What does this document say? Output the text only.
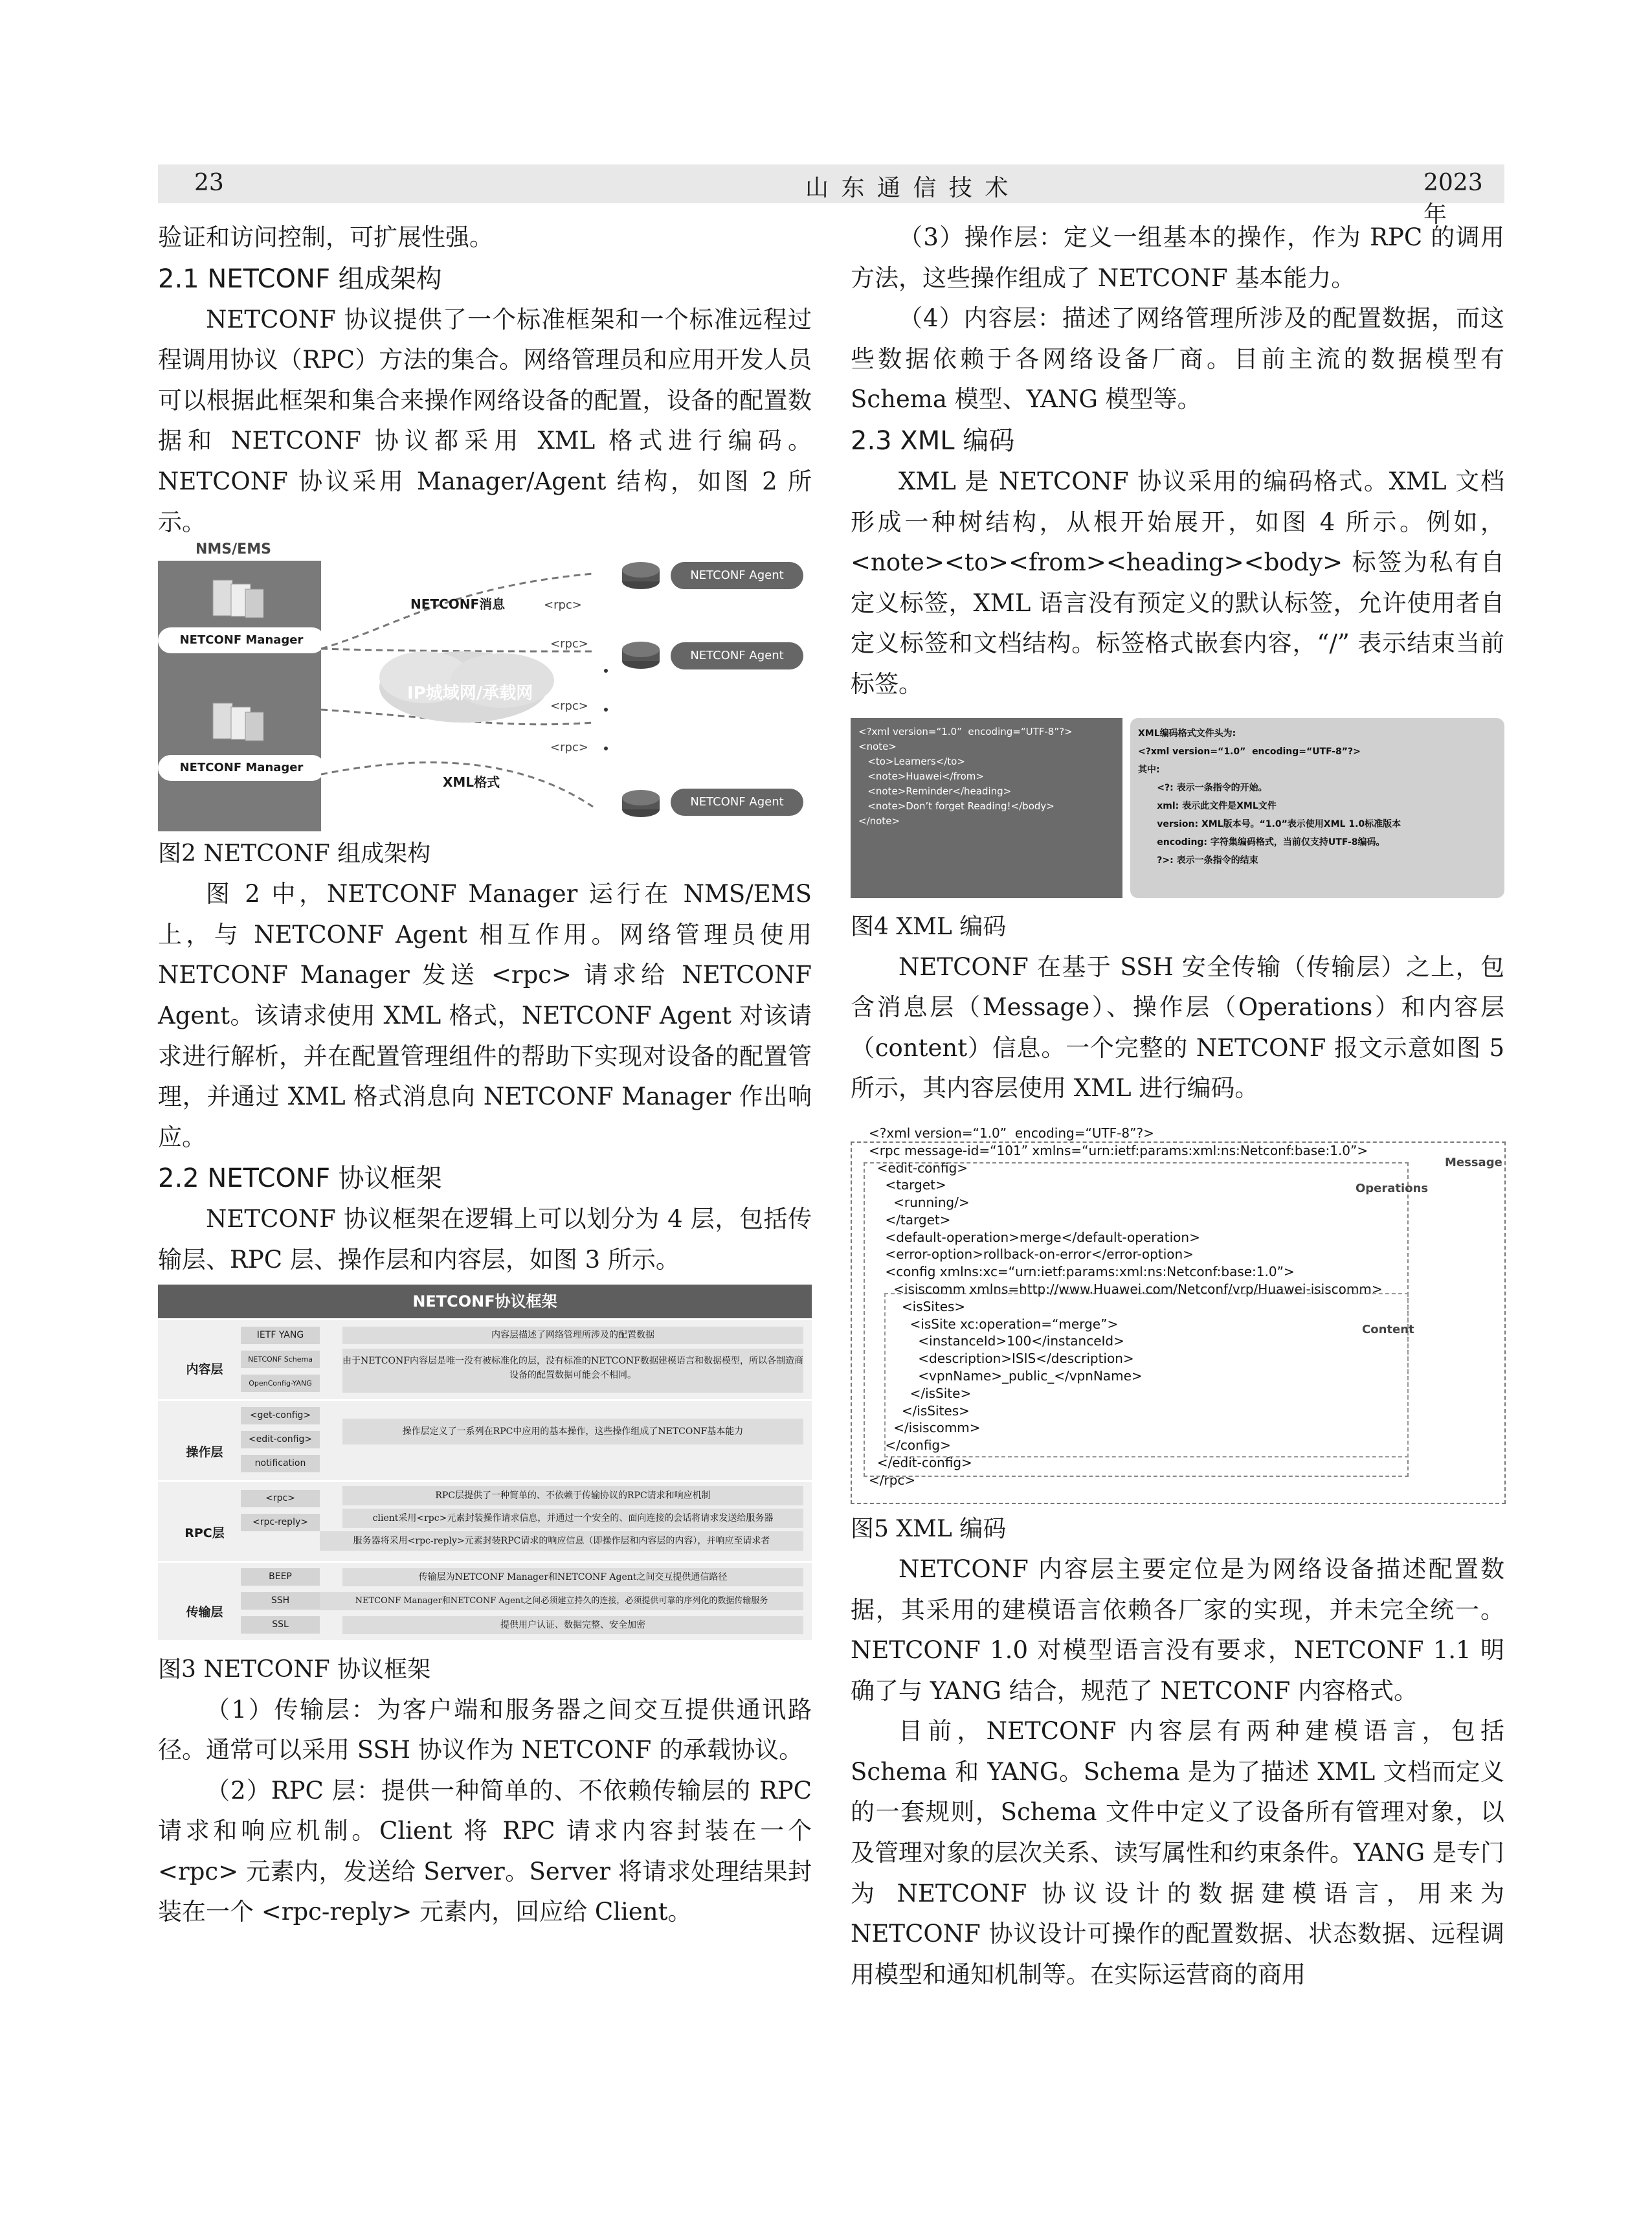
23	山 东 通 信 技 术	2023年

验证和访问控制，可扩展性强。

2.1 NETCONF 组成架构

NETCONF 协议提供了一个标准框架和一个标准远程过程调用协议（RPC）方法的集合。网络管理员和应用开发人员可以根据此框架和集合来操作网络设备的配置，设备的配置数据和 NETCONF 协议都采用 XML 格式进行编码。NETCONF 协议采用 Manager/Agent 结构，如图 2 所示。

NMS/EMS
NETCONF Manager
NETCONF Manager
IP城域网/承载网
NETCONF消息
XML格式
<rpc>
<rpc>
<rpc>
<rpc>
NETCONF Agent
NETCONF Agent
NETCONF Agent

图2 NETCONF 组成架构

图 2 中，NETCONF Manager 运行在 NMS/EMS 上，与 NETCONF Agent 相互作用。网络管理员使用 NETCONF Manager 发送 <rpc> 请求给 NETCONF Agent。该请求使用 XML 格式，NETCONF Agent 对该请求进行解析，并在配置管理组件的帮助下实现对设备的配置管理，并通过 XML 格式消息向 NETCONF Manager 作出响应。

2.2 NETCONF 协议框架

NETCONF 协议框架在逻辑上可以划分为 4 层，包括传输层、RPC 层、操作层和内容层，如图 3 所示。

NETCONF协议框架
内容层
IETF YANG
NETCONF Schema
OpenConfig-YANG
内容层描述了网络管理所涉及的配置数据
由于NETCONF内容层是唯一没有被标准化的层，没有标准的NETCONF数据建模语言和数据模型，所以各制造商设备的配置数据可能会不相同。
操作层
<get-config>
<edit-config>
notification
操作层定义了一系列在RPC中应用的基本操作，这些操作组成了NETCONF基本能力
RPC层
<rpc>
<rpc-reply>
RPC层提供了一种简单的、不依赖于传输协议的RPC请求和响应机制
client采用<rpc>元素封装操作请求信息，并通过一个安全的、面向连接的会话将请求发送给服务器
服务器将采用<rpc-reply>元素封装RPC请求的响应信息（即操作层和内容层的内容），并响应至请求者
传输层
BEEP
SSH
SSL
传输层为NETCONF Manager和NETCONF Agent之间交互提供通信路径
NETCONF Manager和NETCONF Agent之间必须建立持久的连接，必须提供可靠的序列化的数据传输服务
提供用户认证、数据完整、安全加密

图3 NETCONF 协议框架

（1）传输层：为客户端和服务器之间交互提供通讯路径。通常可以采用 SSH 协议作为 NETCONF 的承载协议。

（2）RPC 层：提供一种简单的、不依赖传输层的 RPC 请求和响应机制。Client 将 RPC 请求内容封装在一个 <rpc> 元素内，发送给 Server。Server 将请求处理结果封装在一个 <rpc-reply> 元素内，回应给 Client。

（3）操作层：定义一组基本的操作，作为 RPC 的调用方法，这些操作组成了 NETCONF 基本能力。

（4）内容层：描述了网络管理所涉及的配置数据，而这些数据依赖于各网络设备厂商。目前主流的数据模型有 Schema 模型、YANG 模型等。

2.3 XML 编码

XML 是 NETCONF 协议采用的编码格式。XML 文档形成一种树结构，从根开始展开，如图 4 所示。例如，<note><to><from><heading><body> 标签为私有自定义标签，XML 语言没有预定义的默认标签，允许使用者自定义标签和文档结构。标签格式嵌套内容，“/” 表示结束当前标签。

<?xml version=“1.0”  encoding=“UTF-8”?>
<note>
<to>Learners</to>
<note>Huawei</from>
<note>Reminder</heading>
<note>Don’t forget Reading!</body>
</note>
XML编码格式文件头为:
<?xml version=“1.0”  encoding=“UTF-8”?>
其中:
<?: 表示一条指令的开始。
xml: 表示此文件是XML文件
version: XML版本号。“1.0”表示使用XML 1.0标准版本
encoding: 字符集编码格式，当前仅支持UTF-8编码。
?>: 表示一条指令的结束

图4 XML 编码

NETCONF 在基于 SSH 安全传输（传输层）之上，包含消息层（Message）、操作层（Operations）和内容层（content）信息。一个完整的 NETCONF 报文示意如图 5 所示，其内容层使用 XML 进行编码。

Message
Operations
Content
<?xml version=“1.0”  encoding=“UTF-8”?>
<rpc message-id=“101” xmlns=“urn:ietf:params:xml:ns:Netconf:base:1.0”>
<edit-config>
<target>
<running/>
</target>
<default-operation>merge</default-operation>
<error-option>rollback-on-error</error-option>
<config xmlns:xc=“urn:ietf:params:xml:ns:Netconf:base:1.0”>
<isiscomm xmlns=http://www.Huawei.com/Netconf/vrp/Huawei-isiscomm>
<isSites>
<isSite xc:operation=“merge”>
<instanceId>100</instanceId>
<description>ISIS</description>
<vpnName>_public_</vpnName>
</isSite>
</isSites>
</isiscomm>
</config>
</edit-config>
</rpc>

图5 XML 编码

NETCONF 内容层主要定位是为网络设备描述配置数据，其采用的建模语言依赖各厂家的实现，并未完全统一。NETCONF 1.0 对模型语言没有要求，NETCONF 1.1 明确了与 YANG 结合，规范了 NETCONF 内容格式。

目前，NETCONF 内容层有两种建模语言，包括 Schema 和 YANG。Schema 是为了描述 XML 文档而定义的一套规则，Schema 文件中定义了设备所有管理对象，以及管理对象的层次关系、读写属性和约束条件。YANG 是专门为 NETCONF 协议设计的数据建模语言，用来为 NETCONF 协议设计可操作的配置数据、状态数据、远程调用模型和通知机制等。在实际运营商的商用
